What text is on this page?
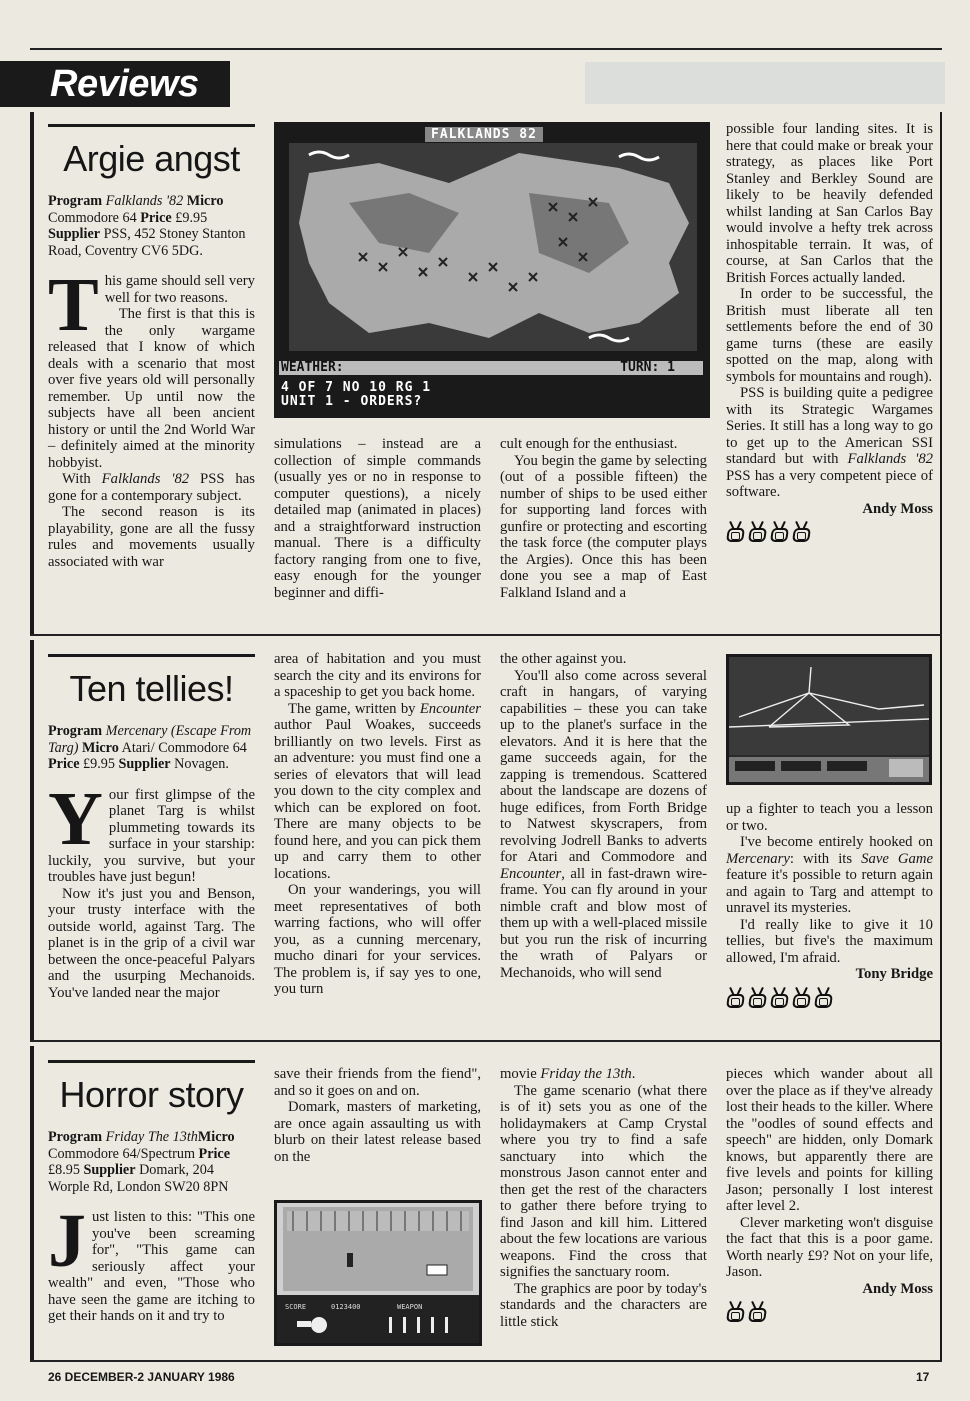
Reviews
Argie angst
Program Falklands '82 Micro Commodore 64 Price £9.95 Supplier PSS, 452 Stoney Stanton Road, Coventry CV6 5DG.

This game should sell very well for two reasons.

The first is that this is the only wargame released that I know of which deals with a scenario that most over five years old will personally remember. Up until now the subjects have all been ancient history or until the 2nd World War – definitely aimed at the minority hobbyist.

With Falklands '82 PSS has gone for a contemporary subject.

The second reason is its playability, gone are all the fussy rules and movements usually associated with war

FALKLANDS 82
WEATHER:	TURN: 1
4 OF 7 NO 10 RG 1
UNIT 1 - ORDERS?

simulations – instead are a collection of simple commands (usually yes or no in response to computer questions), a nicely detailed map (animated in places) and a straightforward instruction manual. There is a difficulty factory ranging from one to five, easy enough for the younger beginner and diffi-

cult enough for the enthusiast.

You begin the game by selecting (out of a possible fifteen) the number of ships to be used either for supporting land forces with gunfire or protecting and escorting the task force (the computer plays the Argies). Once this has been done you see a map of East Falkland Island and a

possible four landing sites. It is here that could make or break your strategy, as places like Port Stanley and Berkley Sound are likely to be heavily defended whilst landing at San Carlos Bay would involve a hefty trek across inhospitable terrain. It was, of course, at San Carlos that the British Forces actually landed.

In order to be successful, the British must liberate all ten settlements before the end of 30 game turns (these are easily spotted on the map, along with symbols for mountains and rough).

PSS is building quite a pedigree with its Strategic Wargames Series. It still has a long way to go to get up to the American SSI standard but with Falklands '82 PSS has a very competent piece of software.

Andy Moss

Ten tellies!
Program Mercenary (Escape From Targ) Micro Atari/ Commodore 64 Price £9.95 Supplier Novagen.

Your first glimpse of the planet Targ is whilst plummeting towards its surface in your starship: luckily, you survive, but your troubles have just begun!

Now it's just you and Benson, your trusty interface with the outside world, against Targ. The planet is in the grip of a civil war between the once-peaceful Palyars and the usurping Mechanoids. You've landed near the major

area of habitation and you must search the city and its environs for a spaceship to get you back home.

The game, written by Encounter author Paul Woakes, succeeds brilliantly on two levels. First as an adventure: you must find one a series of elevators that will lead you down to the city complex and which can be explored on foot. There are many objects to be found here, and you can pick them up and carry them to other locations.

On your wanderings, you will meet representatives of both warring factions, who will offer you, as a cunning mercenary, mucho dinari for your services. The problem is, if say yes to one, you turn

the other against you.

You'll also come across several craft in hangars, of varying capabilities – these you can take up to the planet's surface in the elevators. And it is here that the game succeeds again, for the zapping is tremendous. Scattered about the landscape are dozens of huge edifices, from Forth Bridge to Natwest skyscrapers, from revolving Jodrell Banks to adverts for Atari and Commodore and Encounter, all in fast-drawn wire-frame. You can fly around in your nimble craft and blow most of them up with a well-placed missile but you run the risk of incurring the wrath of Palyars or Mechanoids, who will send

up a fighter to teach you a lesson or two.

I've become entirely hooked on Mercenary: with its Save Game feature it's possible to return again and again to Targ and attempt to unravel its mysteries.

I'd really like to give it 10 tellies, but five's the maximum allowed, I'm afraid.

Tony Bridge

Horror story
Program Friday The 13thMicro Commodore 64/Spectrum Price £8.95 Supplier Domark, 204 Worple Rd, London SW20 8PN

Just listen to this: "This one you've been screaming for", "This game can seriously affect your wealth" and even, "Those who have seen the game are itching to get their hands on it and try to

save their friends from the fiend", and so it goes on and on.

Domark, masters of marketing, are once again assaulting us with blurb on their latest release based on the

SCORE	0123400	WEAPON

movie Friday the 13th.

The game scenario (what there is of it) sets you as one of the holidaymakers at Camp Crystal where you try to find a safe sanctuary into which the monstrous Jason cannot enter and then get the rest of the characters to gather there before trying to find Jason and kill him. Littered about the few locations are various weapons. Find the cross that signifies the sanctuary room.

The graphics are poor by today's standards and the characters are little stick

pieces which wander about all over the place as if they've already lost their heads to the killer. Where the "oodles of sound effects and speech" are hidden, only Domark knows, but apparently there are five levels and points for killing Jason; personally I lost interest after level 2.

Clever marketing won't disguise the fact that this is a poor game. Worth nearly £9? Not on your life, Jason.

Andy Moss

26 DECEMBER-2 JANUARY 1986	17
